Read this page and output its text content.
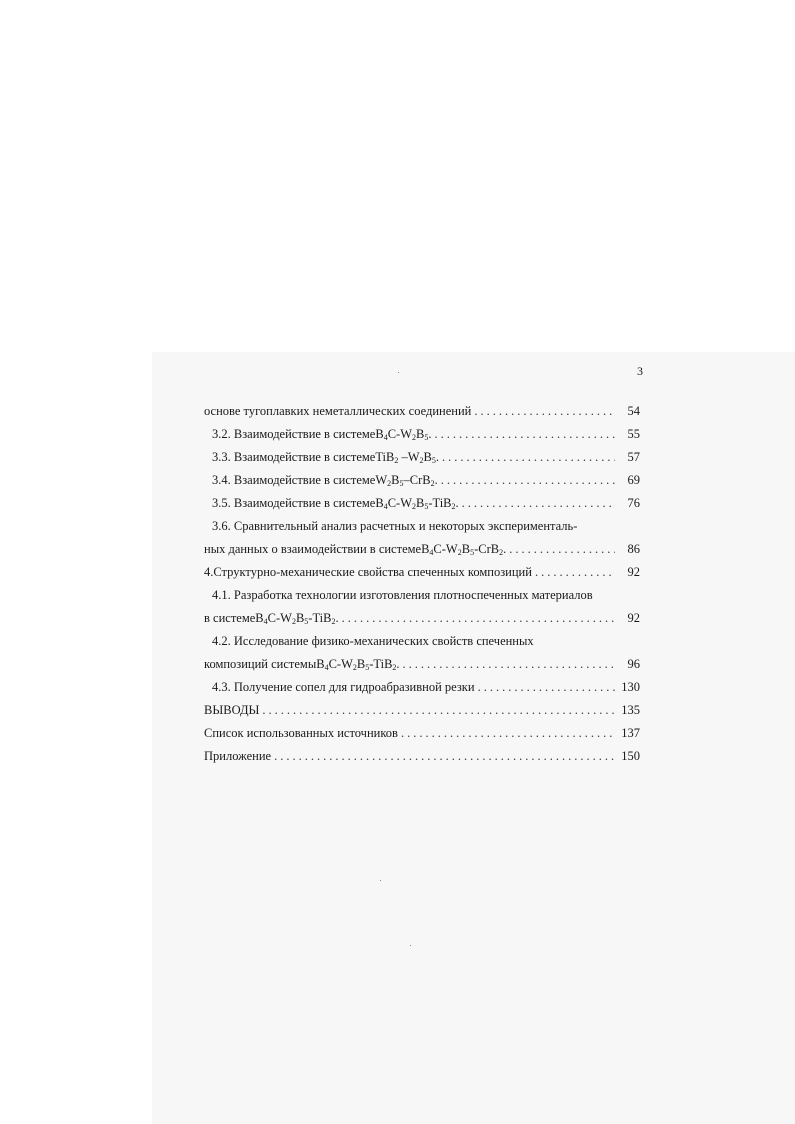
3
основе тугоплавких неметаллических соединений .....	54
3.2. Взаимодействие в системе $B_4C-W_2B_5$. .....	55
3.3. Взаимодействие в системе TiB$_2$ $-W_2B_5$. .....	57
3.4. Взаимодействие в системе $W_2B_5-CrB_2$. .....	69
3.5. Взаимодействие в системе $B_4C-W_2B_5-TiB_2$. .....	76
3.6. Сравнительный анализ расчетных и некоторых эксперименталь-
ных данных о взаимодействии в системе $B_4C-W_2B_5-CrB_2$. .....	86
4.Структурно-механические свойства спеченных композиций .....	92
4.1. Разработка технологии изготовления плотноспеченных материалов
в системе $B_4C-W_2B_5-TiB_2$. .....	92
4.2. Исследование физико-механических свойств спеченных
композиций системы $B_4C-W_2B_5-TiB_2$. .....	96
4.3. Получение сопел для гидроабразивной резки .....	130
ВЫВОДЫ .....	135
Список использованных источников .....	137
Приложение .....	150
